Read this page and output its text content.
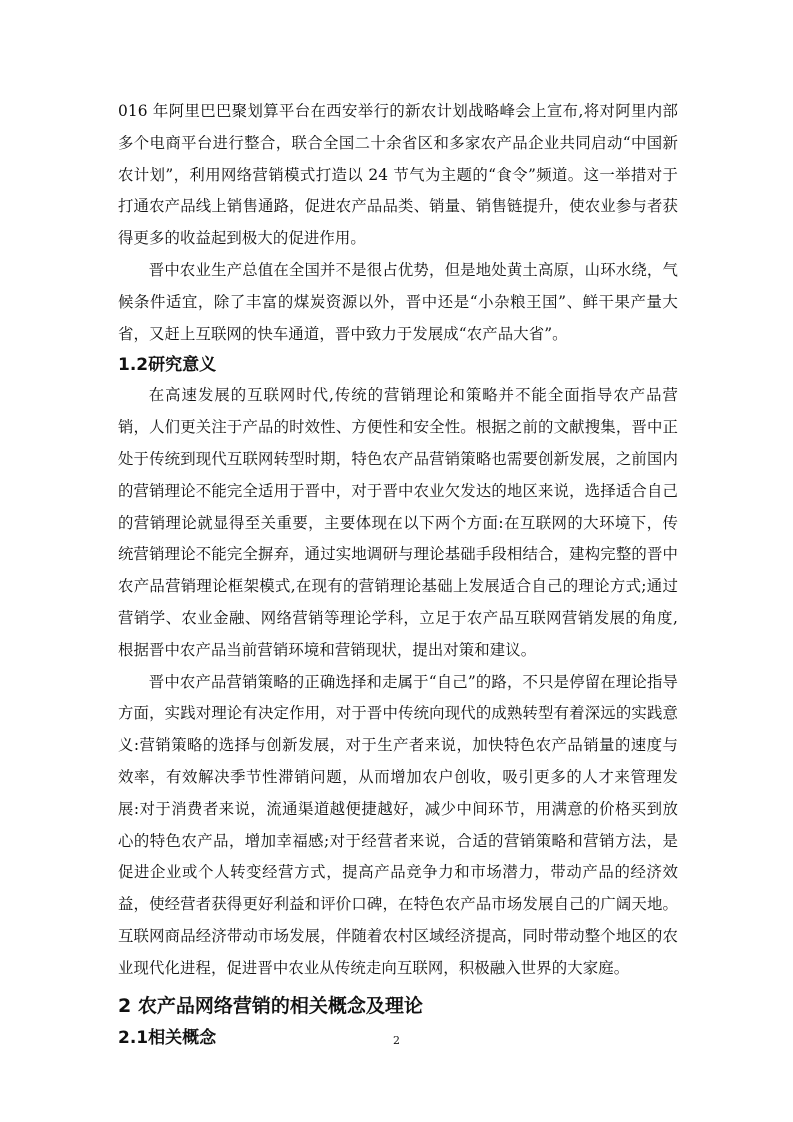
016 年阿里巴巴聚划算平台在西安举行的新农计划战略峰会上宣布,将对阿里内部多个电商平台进行整合，联合全国二十余省区和多家农产品企业共同启动“中国新农计划”，利用网络营销模式打造以 24 节气为主题的“食令”频道。这一举措对于打通农产品线上销售通路，促进农产品品类、销量、销售链提升，使农业参与者获得更多的收益起到极大的促进作用。

晋中农业生产总值在全国并不是很占优势，但是地处黄土高原，山环水绕，气候条件适宜，除了丰富的煤炭资源以外，晋中还是“小杂粮王国”、鲜干果产量大省，又赶上互联网的快车通道，晋中致力于发展成“农产品大省”。

1.2研究意义

在高速发展的互联网时代,传统的营销理论和策略并不能全面指导农产品营销，人们更关注于产品的时效性、方便性和安全性。根据之前的文献搜集，晋中正处于传统到现代互联网转型时期，特色农产品营销策略也需要创新发展，之前国内的营销理论不能完全适用于晋中，对于晋中农业欠发达的地区来说，选择适合自己的营销理论就显得至关重要，主要体现在以下两个方面:在互联网的大环境下，传统营销理论不能完全摒弃，通过实地调研与理论基础手段相结合，建构完整的晋中农产品营销理论框架模式,在现有的营销理论基础上发展适合自己的理论方式;通过营销学、农业金融、网络营销等理论学科，立足于农产品互联网营销发展的角度,根据晋中农产品当前营销环境和营销现状，提出对策和建议。

晋中农产品营销策略的正确选择和走属于“自己”的路，不只是停留在理论指导方面，实践对理论有决定作用，对于晋中传统向现代的成熟转型有着深远的实践意义:营销策略的选择与创新发展，对于生产者来说，加快特色农产品销量的速度与效率，有效解决季节性滞销问题，从而增加农户创收，吸引更多的人才来管理发展:对于消费者来说，流通渠道越便捷越好，减少中间环节，用满意的价格买到放心的特色农产品，增加幸福感;对于经营者来说，合适的营销策略和营销方法，是促进企业或个人转变经营方式，提高产品竞争力和市场潜力，带动产品的经济效益，使经营者获得更好利益和评价口碑，在特色农产品市场发展自己的广阔天地。互联网商品经济带动市场发展，伴随着农村区域经济提高，同时带动整个地区的农业现代化进程，促进晋中农业从传统走向互联网，积极融入世界的大家庭。

2 农产品网络营销的相关概念及理论
2.1相关概念	2
